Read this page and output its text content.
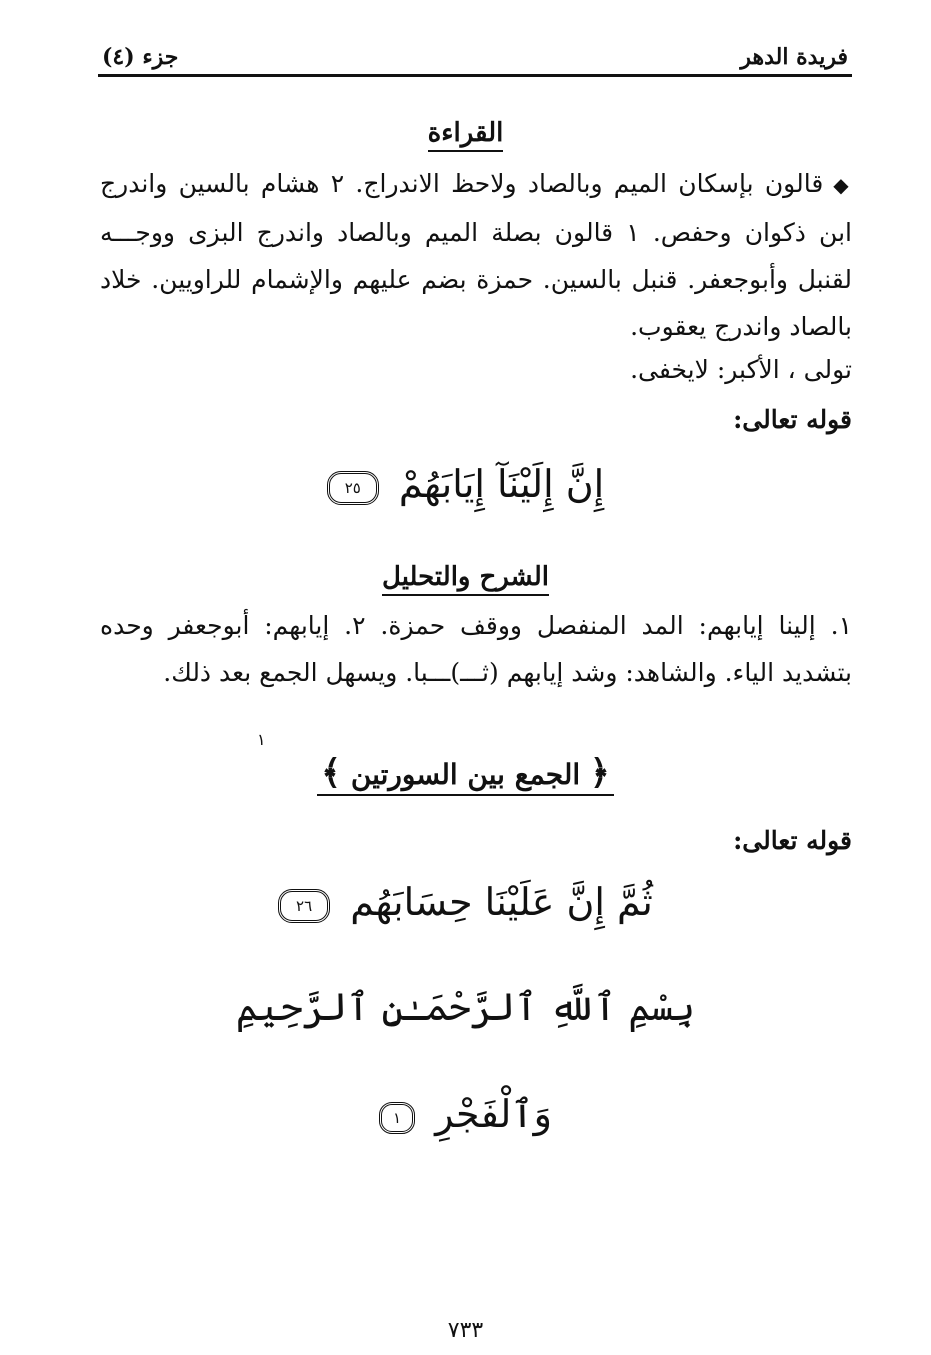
جزء (٤)	فريدة الدهر
القراءة
◆قالون بإسكان الميم وبالصاد ولاحظ الاندراج. ٢ هشام بالسين واندرج ابن ذكوان وحفص. ١ قالون بصلة الميم وبالصاد واندرج البزى ووجـــه لقنبل وأبوجعفر. قنبل بالسين. حمزة بضم عليهم والإشمام للراويين. خلاد بالصاد واندرج يعقوب.
تولى ، الأكبر: لايخفى.
قوله تعالى:
إِنَّ إِلَيْنَآ إِيَابَهُمْ ٢٥
الشرح والتحليل
١. إلينا إيابهم: المد المنفصل ووقف حمزة. ٢. إيابهم: أبوجعفر وحده بتشديد الياء. والشاهد: وشد إيابهم (ثـــ)ـــبا. ويسهل الجمع بعد ذلك.
١
﴿ الجمع بين السورتين ﴾
قوله تعالى:
ثُمَّ إِنَّ عَلَيْنَا حِسَابَهُم ٢٦
بِسْمِ ٱللَّهِ ٱلرَّحْمَـٰنِ ٱلرَّحِيمِ
وَٱلْفَجْرِ ١
٧٣٣
